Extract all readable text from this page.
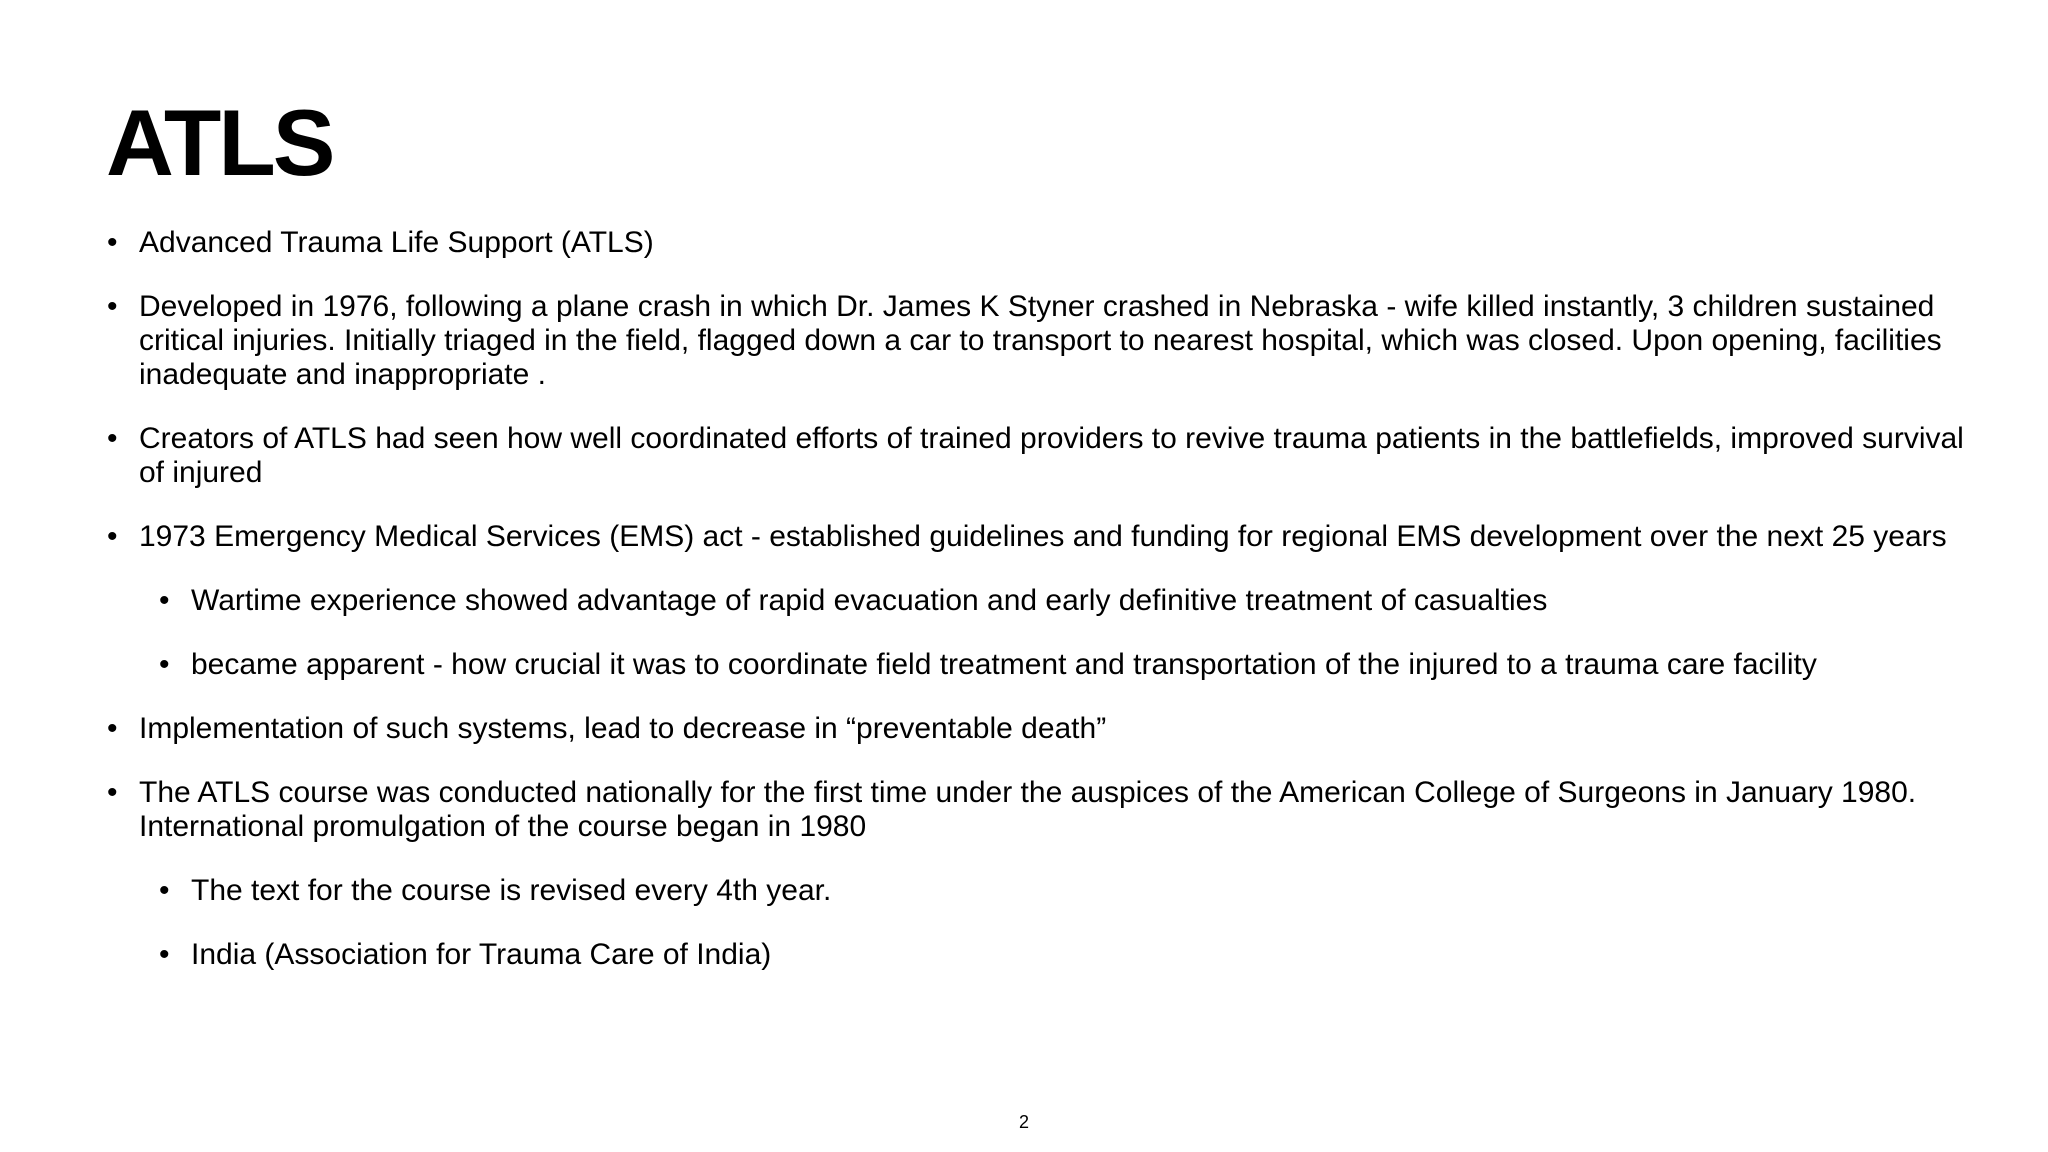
ATLS
• Advanced Trauma Life Support (ATLS)
• Developed in 1976, following a plane crash in which Dr. James K Styner crashed in Nebraska - wife killed instantly, 3 children sustained critical injuries. Initially triaged in the field, flagged down a car to transport to nearest hospital, which was closed. Upon opening, facilities inadequate and inappropriate .
• Creators of ATLS had seen how well coordinated efforts of trained providers to revive trauma patients in the battlefields, improved survival of injured
• 1973 Emergency Medical Services (EMS) act - established guidelines and funding for regional EMS development over the next 25 years
• Wartime experience showed advantage of rapid evacuation and early definitive treatment of casualties
• became apparent - how crucial it was to coordinate field treatment and transportation of the injured to a trauma care facility
• Implementation of such systems, lead to decrease in “preventable death”
• The ATLS course was conducted nationally for the first time under the auspices of the American College of Surgeons in January 1980. International promulgation of the course began in 1980
• The text for the course is revised every 4th year.
• India (Association for Trauma Care of India)
2
